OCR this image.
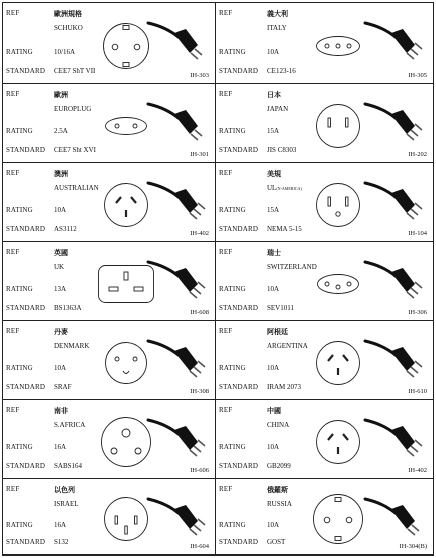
REF
RATING
STANDARD
歐洲規格
SCHUKO
10/16A
CEE7 ShT VII
IH-303
REF
RATING
STANDARD
義大利
ITALY
10A
CE123-16
IH-305
REF
RATING
STANDARD
歐洲
EUROPLUG
2.5A
CEE7 Sht XVI
IH-301
REF
RATING
STANDARD
日本
JAPAN
15A
JIS C8303
IH-202
REF
RATING
STANDARD
澳洲
AUSTRALIAN
10A
AS3112
IH-402
REF
RATING
STANDARD
美規
UL(N-AMERICA)
15A
NEMA 5-15
IH-104
REF
RATING
STANDARD
英國
UK
13A
BS1363A
IH-608
REF
RATING
STANDARD
瑞士
SWITZERLAND
10A
SEV1011
IH-306
REF
RATING
STANDARD
丹麥
DENMARK
10A
SRAF
IH-308
REF
RATING
STANDARD
阿根廷
ARGENTINA
10A
IRAM 2073
IH-610
REF
RATING
STANDARD
南非
S.AFRICA
16A
SABS164
IH-606
REF
RATING
STANDARD
中國
CHINA
10A
GB2099
IH-402
REF
RATING
STANDARD
以色列
ISRAEL
16A
S132
IH-604
REF
RATING
STANDARD
俄羅斯
RUSSIA
10A
GOST
IH-304(B)
